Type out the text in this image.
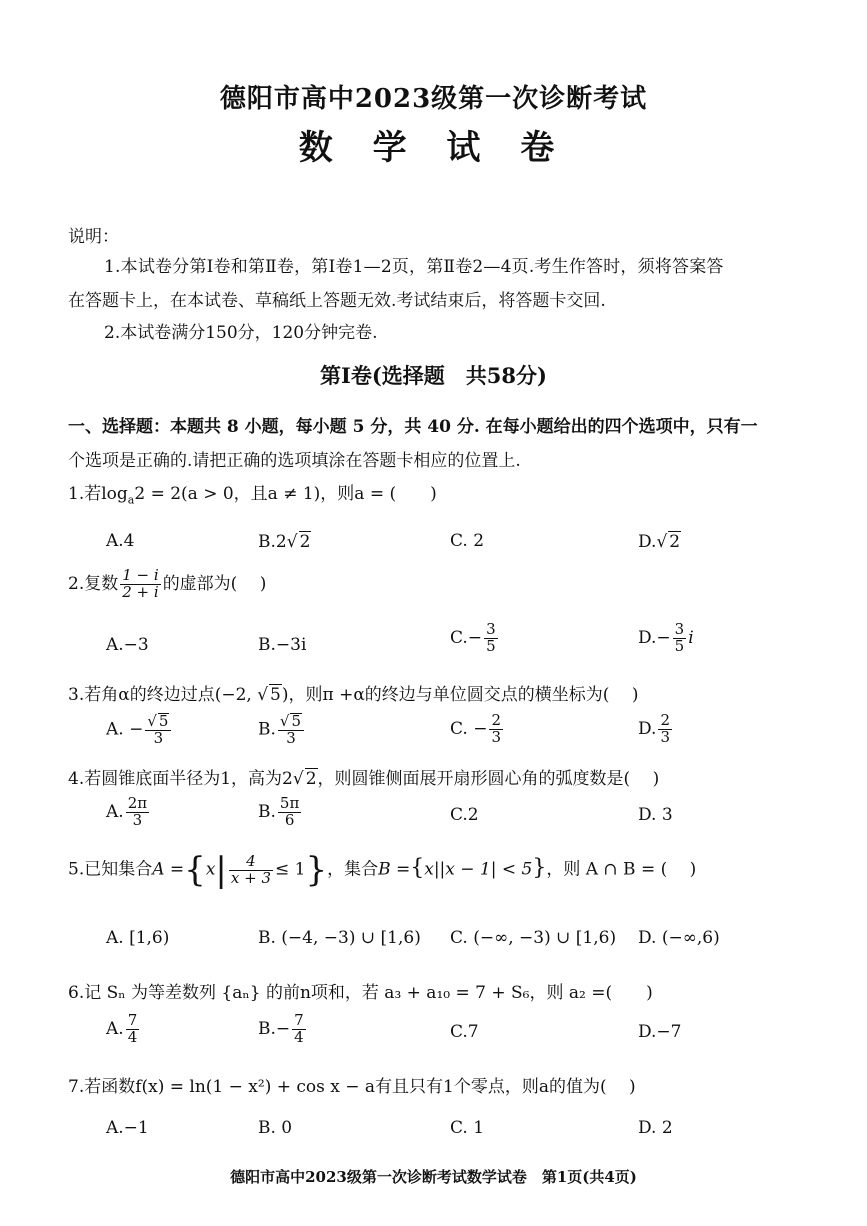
德阳市高中2023级第一次诊断考试
数 学 试 卷
说明：
1.本试卷分第Ⅰ卷和第Ⅱ卷，第Ⅰ卷1—2页，第Ⅱ卷2—4页.考生作答时，须将答案答
在答题卡上，在本试卷、草稿纸上答题无效.考试结束后，将答题卡交回.
2.本试卷满分150分，120分钟完卷.
第Ⅰ卷(选择题　共58分)
一、选择题：本题共 8 小题，每小题 5 分，共 40 分. 在每小题给出的四个选项中，只有一
个选项是正确的.请把正确的选项填涂在答题卡相应的位置上.
1.若$\log_a2 = 2(a > 0$，且a ≠ 1)，则a = (　　)
A.4	B.2√ 2	C. 2	D.√ 2
2.复数 $\frac{1 - i}{2 + i}$ 的虚部为(　 )
A.−3	B.−3i	$C.- \frac{3}{5}$	$D.- \frac{3}{5}$ i
3.若角α的终边过点(−2, √ 5)，则π +α的终边与单位圆交点的横坐标为(　 )
A. − $\frac{√ 5}{3}$	B. $\frac{√ 5}{3}$	C. − $\frac{2}{3}$	D. $\frac{2}{3}$
4.若圆锥底面半径为1，高为2√ 2，则圆锥侧面展开扇形圆心角的弧度数是(　 )
A. $\frac{2\pi}{3}$	B. $\frac{5\pi}{6}$	C.2	D. 3
5.已知集合$A =\{x| \frac{4}{x + 3} \le 1\}$，集合B ={x||x − 1| < 5}，则 A ∩ B = (　 )
A. [1,6)	B. (−4, −3) ∪ [1,6) C. (−∞, −3) ∪ [1,6) D. (−∞,6)
6.记 Sₙ 为等差数列 {aₙ} 的前n项和，若 a₃ + a₁₀ = 7 + S₆，则 a₂ =(　　)
A. $\frac{7}{4}$	$B.- \frac{7}{4}$	C.7	D.−7
7.若函数f(x) = ln(1 − x²) + cos x − a有且只有1个零点，则a的值为(　 )
A.−1	B. 0	C. 1	D. 2
德阳市高中2023级第一次诊断考试数学试卷　第1页(共4页)
